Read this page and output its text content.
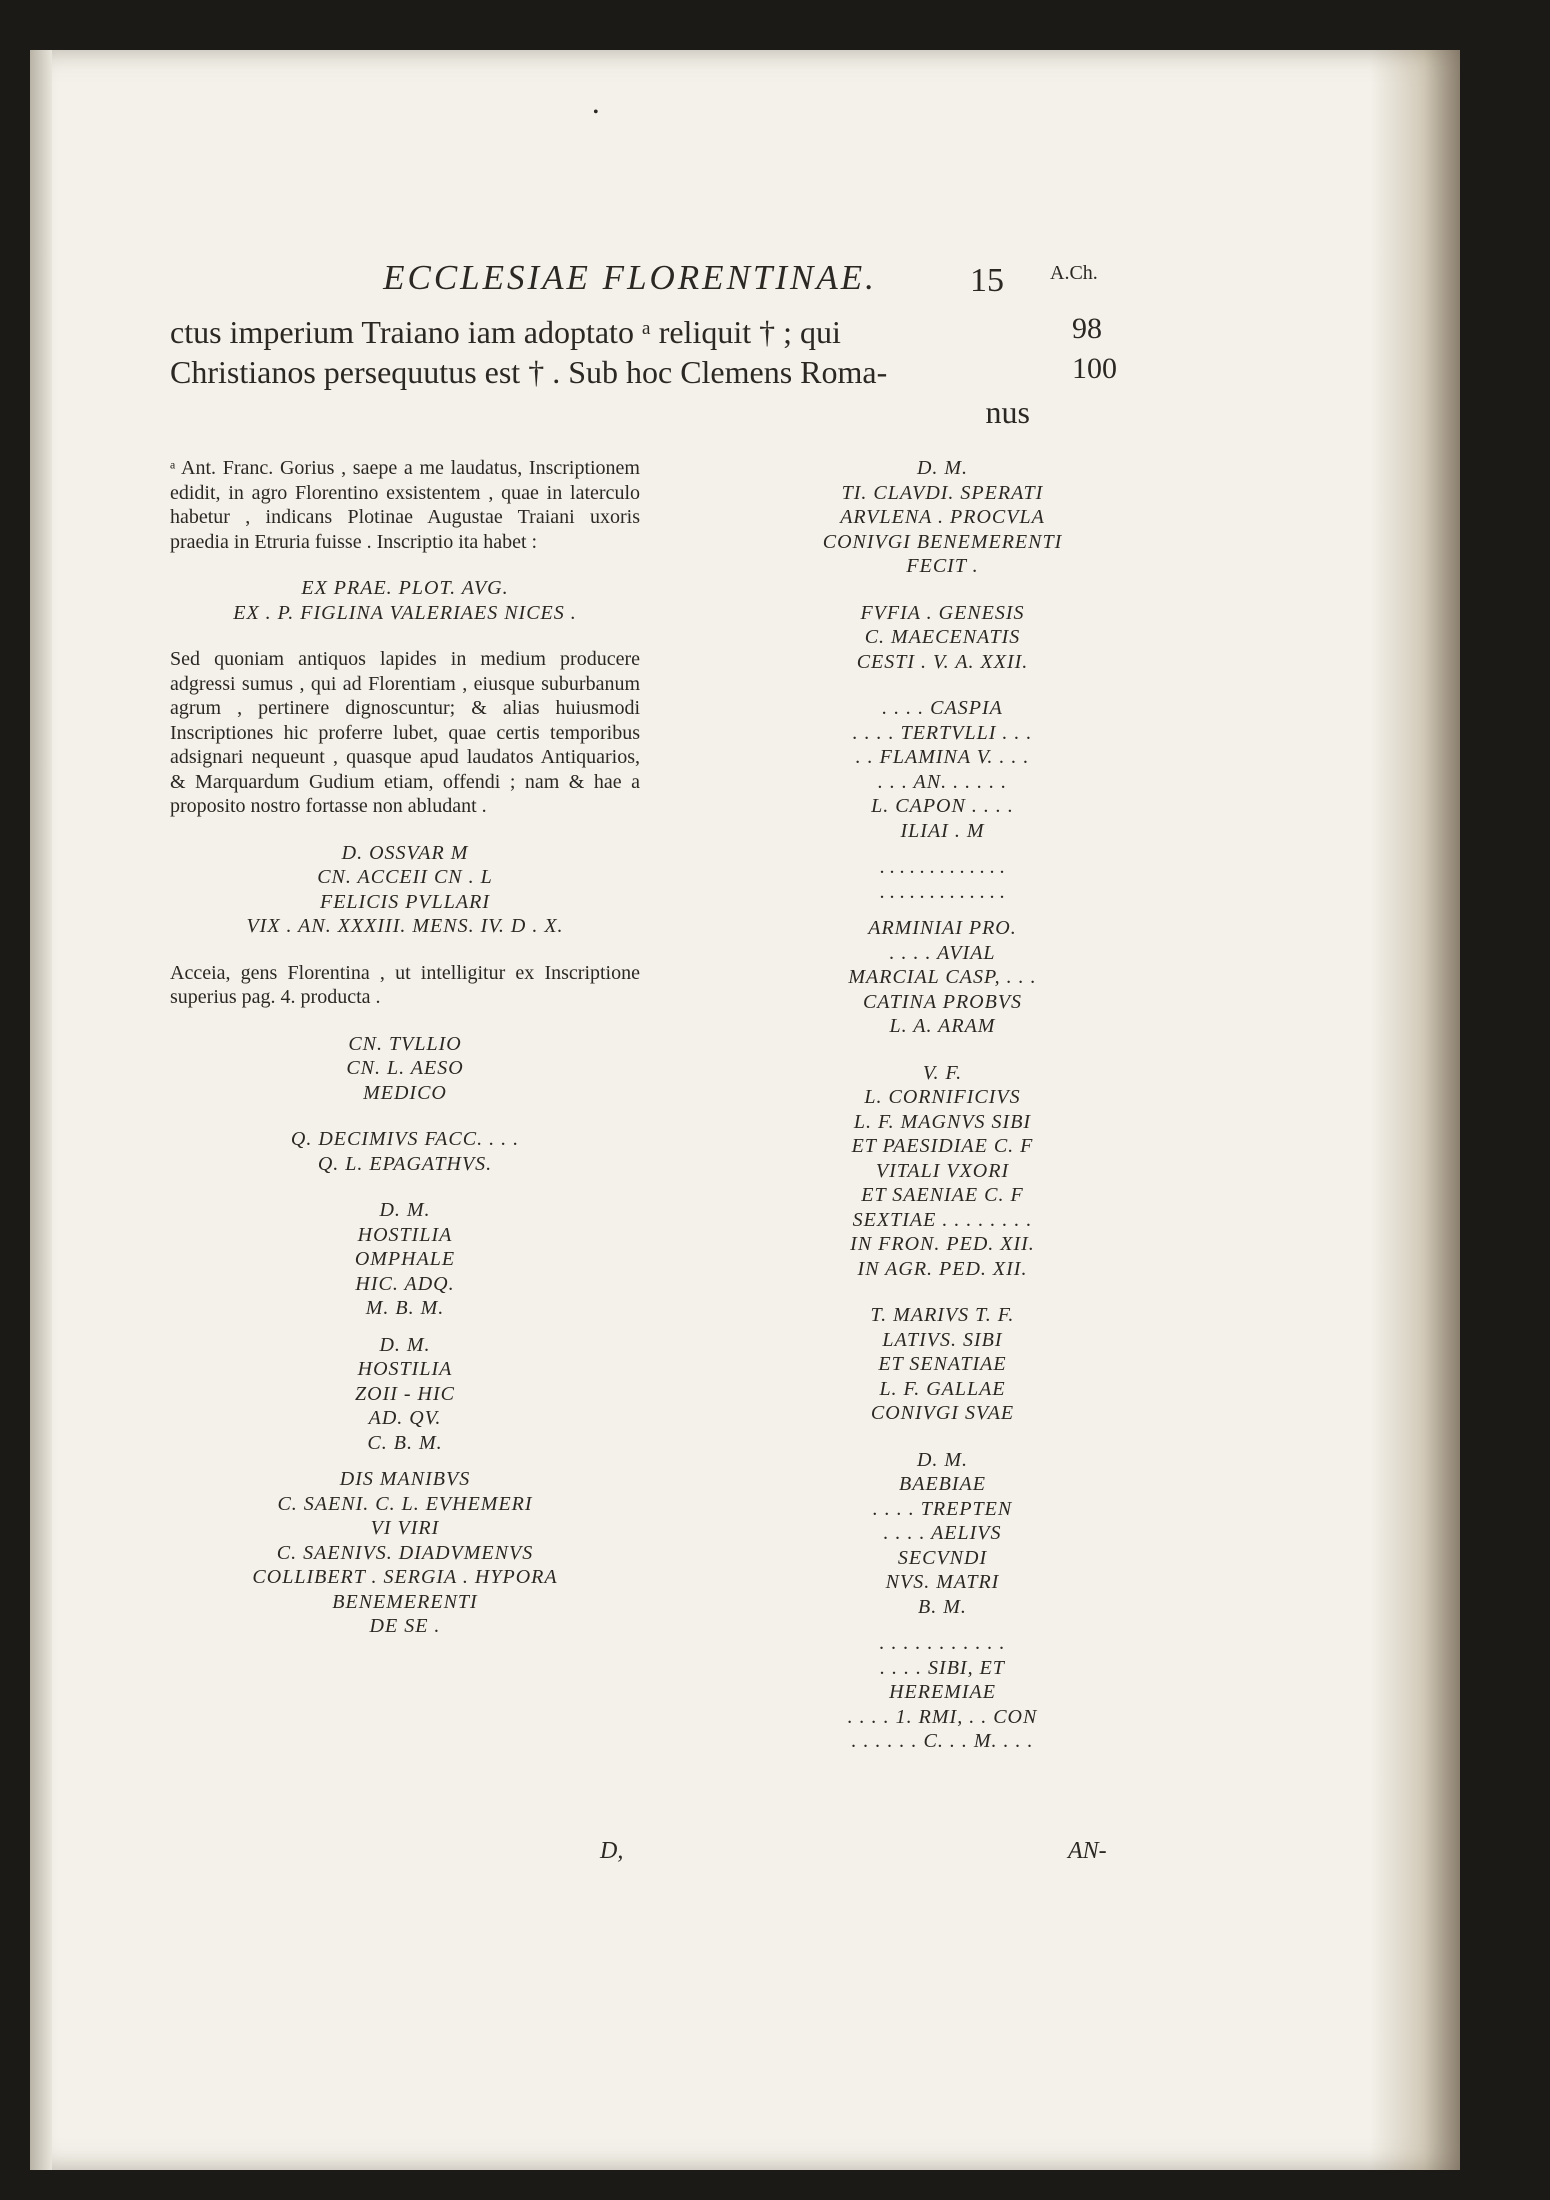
•
ECCLESIAE FLORENTINAE.	15 A.Ch.
ctus imperium Traiano iam adoptato ᵃ reliquit † ; qui
Christianos persequutus est † . Sub hoc Clemens Roma-
nus
98
100
ᵃ Ant. Franc. Gorius , saepe a me laudatus, Inscriptionem edidit, in agro Florentino exsistentem , quae in laterculo habetur , indicans Plotinae Augustae Traiani uxoris praedia in Etruria fuisse . Inscriptio ita habet :
EX PRAE. PLOT. AVG.
EX . P. FIGLINA VALERIAES NICES .
Sed quoniam antiquos lapides in medium producere adgressi sumus , qui ad Florentiam , eiusque suburbanum agrum , pertinere dignoscuntur; & alias huiusmodi Inscriptiones hic proferre lubet, quae certis temporibus adsignari nequeunt , quasque apud laudatos Antiquarios, & Marquardum Gudium etiam, offendi ; nam & hae a proposito nostro fortasse non abludant .
D. OSSVAR M
CN. ACCEII CN . L
FELICIS PVLLARI
VIX . AN. XXXIII. MENS. IV. D . X.
Acceia, gens Florentina , ut intelligitur ex Inscriptione superius pag. 4. producta .
CN. TVLLIO
CN. L. AESO
MEDICO
Q. DECIMIVS FACC. . . .
Q. L. EPAGATHVS.
D. M.
HOSTILIA
OMPHALE
HIC. ADQ.
M. B. M.
D. M.
HOSTILIA
ZOII - HIC
AD. QV.
C. B. M.
DIS MANIBVS
C. SAENI. C. L. EVHEMERI
VI VIRI
C. SAENIVS. DIADVMENVS
COLLIBERT . SERGIA . HYPORA
BENEMERENTI
DE SE .
D. M.
TI. CLAVDI. SPERATI
ARVLENA . PROCVLA
CONIVGI BENEMERENTI
FECIT .
FVFIA . GENESIS
C. MAECENATIS
CESTI . V. A. XXII.
. . . . CASPIA
. . . . TERTVLLI . . .
. . FLAMINA V. . . .
. . . AN. . . . . .
L. CAPON . . . .
ILIAI . M
. . . . . . . . . . . . .
. . . . . . . . . . . . .
ARMINIAI PRO.
. . . . AVIAL
MARCIAL CASP, . . .
CATINA PROBVS
L. A. ARAM
V. F.
L. CORNIFICIVS
L. F. MAGNVS SIBI
ET PAESIDIAE C. F
VITALI VXORI
ET SAENIAE C. F
SEXTIAE . . . . . . . .
IN FRON. PED. XII.
IN AGR. PED. XII.
T. MARIVS T. F.
LATIVS. SIBI
ET SENATIAE
L. F. GALLAE
CONIVGI SVAE
D. M.
BAEBIAE
. . . . TREPTEN
. . . . AELIVS
SECVNDI
NVS. MATRI
B. M.
. . . . . . . . . . .
. . . . SIBI, ET
HEREMIAE
. . . . 1. RMI, . . CON
. . . . . . C. . . M. . . .
D,	AN-
